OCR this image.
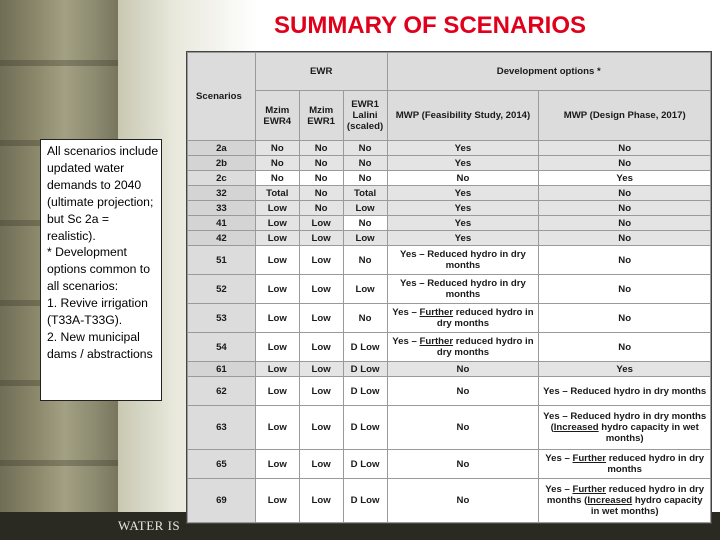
WATER IS
SUMMARY OF SCENARIOS
All scenarios include updated water demands to 2040 (ultimate projection; but Sc 2a = realistic).
* Development options common to all scenarios:
1. Revive irrigation (T33A-T33G).
2. New municipal dams / abstractions
Scenarios	EWR			Development options *	
	Mzim EWR4	Mzim EWR1	EWR1 Lalini (scaled)	MWP (Feasibility Study, 2014)	MWP (Design Phase, 2017)
2a	No	No	No	Yes	No
2b	No	No	No	Yes	No
2c	No	No	No	No	Yes
32	Total	No	Total	Yes	No
33	Low	No	Low	Yes	No
41	Low	Low	No	Yes	No
42	Low	Low	Low	Yes	No
51	Low	Low	No	Yes – Reduced hydro in dry months	No
52	Low	Low	Low	Yes – Reduced hydro in dry months	No
53	Low	Low	No	Yes – Further reduced hydro in dry months	No
54	Low	Low	D Low	Yes – Further reduced hydro in dry months	No
61	Low	Low	D Low	No	Yes
62	Low	Low	D Low	No	Yes – Reduced hydro in dry months
63	Low	Low	D Low	No	Yes – Reduced hydro in dry months (Increased hydro capacity in wet months)
65	Low	Low	D Low	No	Yes – Further reduced hydro in dry months
69	Low	Low	D Low	No	Yes – Further reduced hydro in dry months (Increased hydro capacity in wet months)
